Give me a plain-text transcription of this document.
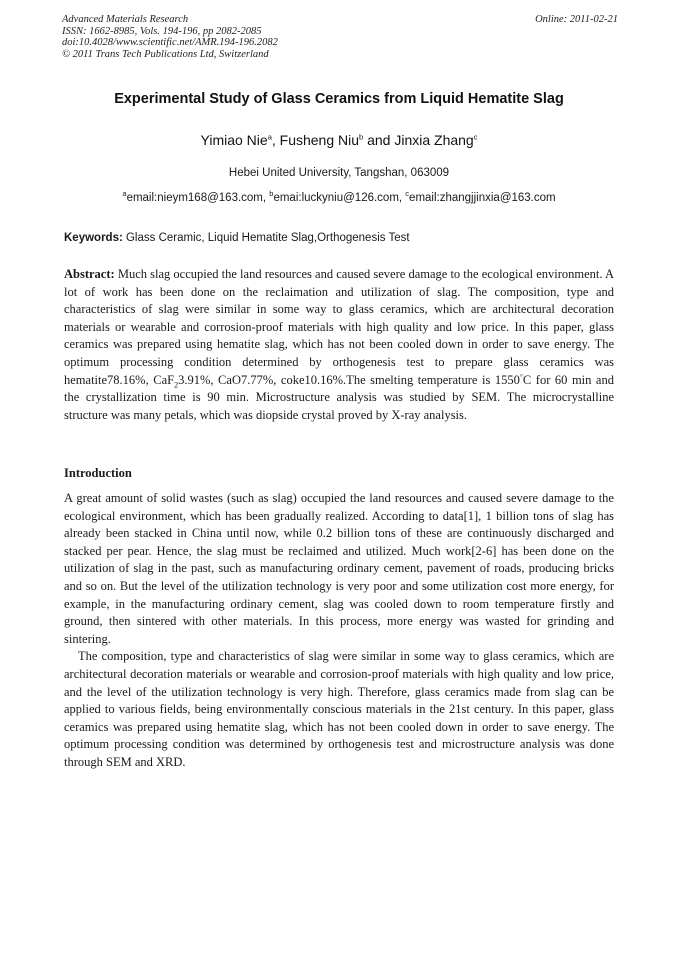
Advanced Materials Research
ISSN: 1662-8985, Vols. 194-196, pp 2082-2085
doi:10.4028/www.scientific.net/AMR.194-196.2082
© 2011 Trans Tech Publications Ltd, Switzerland
Online: 2011-02-21
Experimental Study of Glass Ceramics from Liquid Hematite Slag
Yimiao Nie$^a$, Fusheng Niu$^b$ and Jinxia Zhang$^c$
Hebei United University, Tangshan, 063009
$^a$email:nieym168@163.com, $^b$emai:luckyniu@126.com, $^c$email:zhangjjinxia@163.com
Keywords: Glass Ceramic, Liquid Hematite Slag,Orthogenesis Test
Abstract: Much slag occupied the land resources and caused severe damage to the ecological environment. A lot of work has been done on the reclaimation and utilization of slag. The composition, type and characteristics of slag were similar in some way to glass ceramics, which are architectural decoration materials or wearable and corrosion-proof materials with high quality and low price. In this paper, glass ceramics was prepared using hematite slag, which has not been cooled down in order to save energy. The optimum processing condition determined by orthogenesis test to prepare glass ceramics was hematite78.16%, CaF$_2$3.91%, CaO7.77%, coke10.16%.The smelting temperature is 1550°C for 60 min and the crystallization time is 90 min. Microstructure analysis was studied by SEM. The microcrystalline structure was many petals, which was diopside crystal proved by X-ray analysis.
Introduction

A great amount of solid wastes (such as slag) occupied the land resources and caused severe damage to the ecological environment, which has been gradually realized. According to data[1], 1 billion tons of slag has already been stacked in China until now, while 0.2 billion tons of these are continuously discharged and stacked per pear. Hence, the slag must be reclaimed and utilized. Much work[2-6] has been done on the utilization of slag in the past, such as manufacturing ordinary cement, pavement of roads, producing bricks and so on. But the level of the utilization technology is very poor and some utilization cost more energy, for example, in the manufacturing ordinary cement, slag was cooled down to room temperature firstly and ground, then sintered with other materials. In this process, more energy was wasted for grinding and sintering.

The composition, type and characteristics of slag were similar in some way to glass ceramics, which are architectural decoration materials or wearable and corrosion-proof materials with high quality and low price, and the level of the utilization technology is very high. Therefore, glass ceramics made from slag can be applied to various fields, being environmentally conscious materials in the 21st century. In this paper, glass ceramics was prepared using hematite slag, which has not been cooled down in order to save energy. The optimum processing condition was determined by orthogenesis test and microstructure analysis was done through SEM and XRD.
